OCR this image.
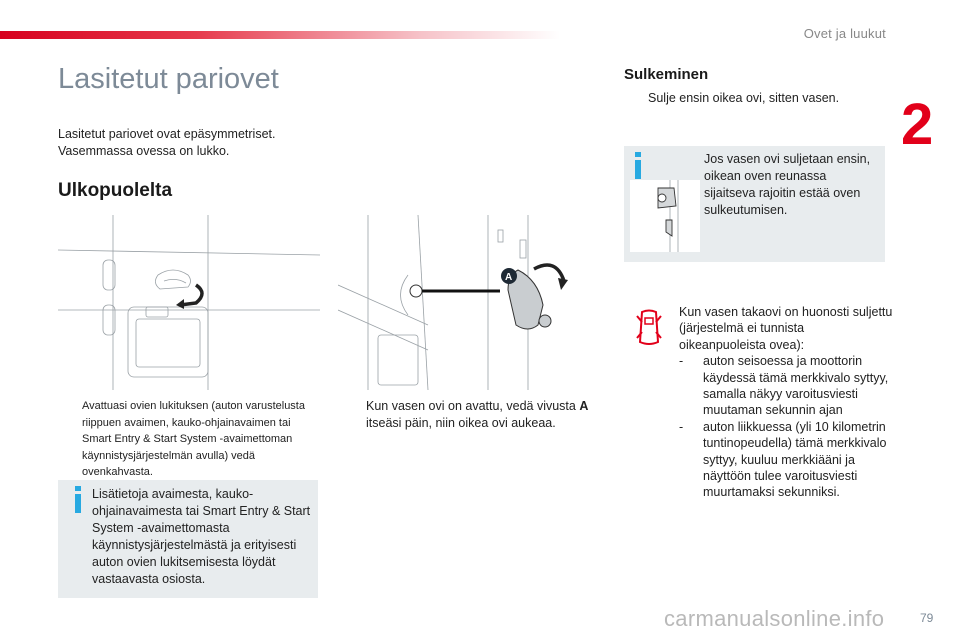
Ovet ja luukut
2
Lasitetut pariovet

Lasitetut pariovet ovat epäsymmetriset. Vasemmassa ovessa on lukko.

Ulkopuolelta
A
Avattuasi ovien lukituksen (auton varustelusta riippuen avaimen, kauko-ohjainavaimen tai Smart Entry & Start System -avaimettoman käynnistysjärjestelmän avulla) vedä ovenkahvasta.
Kun vasen ovi on avattu, vedä vivusta A itseäsi päin, niin oikea ovi aukeaa.
Lisätietoja avaimesta, kauko-ohjainavaimesta tai Smart Entry & Start System -avaimettomasta käynnistysjärjestelmästä ja erityisesti auton ovien lukitsemisesta löydät vastaavasta osiosta.
Sulkeminen
Sulje ensin oikea ovi, sitten vasen.
Jos vasen ovi suljetaan ensin, oikean oven reunassa sijaitseva rajoitin estää oven sulkeutumisen.
Kun vasen takaovi on huonosti suljettu (järjestelmä ei tunnista oikeanpuoleista ovea):
-	auton seisoessa ja moottorin käydessä tämä merkkivalo syttyy, samalla näkyy varoitusviesti muutaman sekunnin ajan
-	auton liikkuessa (yli 10 kilometrin tuntinopeudella) tämä merkkivalo syttyy, kuuluu merkkiääni ja näyttöön tulee varoitusviesti muurtamaksi sekunniksi.
carmanualsonline.info	79
